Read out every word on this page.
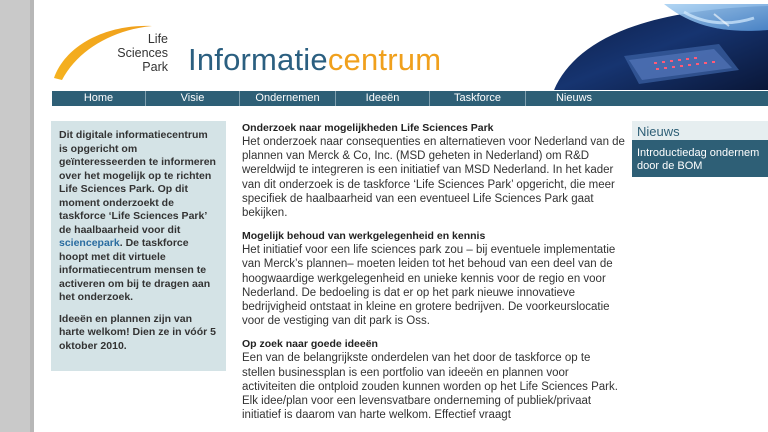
Life
Sciences
Park Informatiecentrum
Home	Visie	Ondernemen	Ideeën	Taskforce	Nieuws

Dit digitale informatiecentrum is opgericht om geïnteresseerden te informeren over het mogelijk op te richten Life Sciences Park. Op dit moment onderzoekt de taskforce ‘Life Sciences Park’ de haalbaarheid voor dit sciencepark. De taskforce hoopt met dit virtuele informatiecentrum mensen te activeren om bij te dragen aan het onderzoek.

Ideeën en plannen zijn van harte welkom! Dien ze in vóór 5 oktober 2010.

Onderzoek naar mogelijkheden Life Sciences Park

Het onderzoek naar consequenties en alternatieven voor Nederland van de plannen van Merck & Co, Inc. (MSD geheten in Nederland) om R&D wereldwijd te integreren is een initiatief van MSD Nederland. In het kader van dit onderzoek is de taskforce ‘Life Sciences Park’ opgericht, die meer specifiek de haalbaarheid van een eventueel Life Sciences Park gaat bekijken.

Mogelijk behoud van werkgelegenheid en kennis

Het initiatief voor een life sciences park zou – bij eventuele implementatie van Merck’s plannen– moeten leiden tot het behoud van een deel van de hoogwaardige werkgelegenheid en unieke kennis voor de regio en voor Nederland. De bedoeling is dat er op het park nieuwe innovatieve bedrijvigheid ontstaat in kleine en grotere bedrijven. De voorkeurslocatie voor de vestiging van dit park is Oss.

Op zoek naar goede ideeën

Een van de belangrijkste onderdelen van het door de taskforce op te stellen businessplan is een portfolio van ideeën en plannen voor activiteiten die ontploid zouden kunnen worden op het Life Sciences Park. Elk idee/plan voor een levensvatbare onderneming of publiek/privaat initiatief is daarom van harte welkom. Effectief vraagt

Nieuws
Introductiedag ondernem
door de BOM
